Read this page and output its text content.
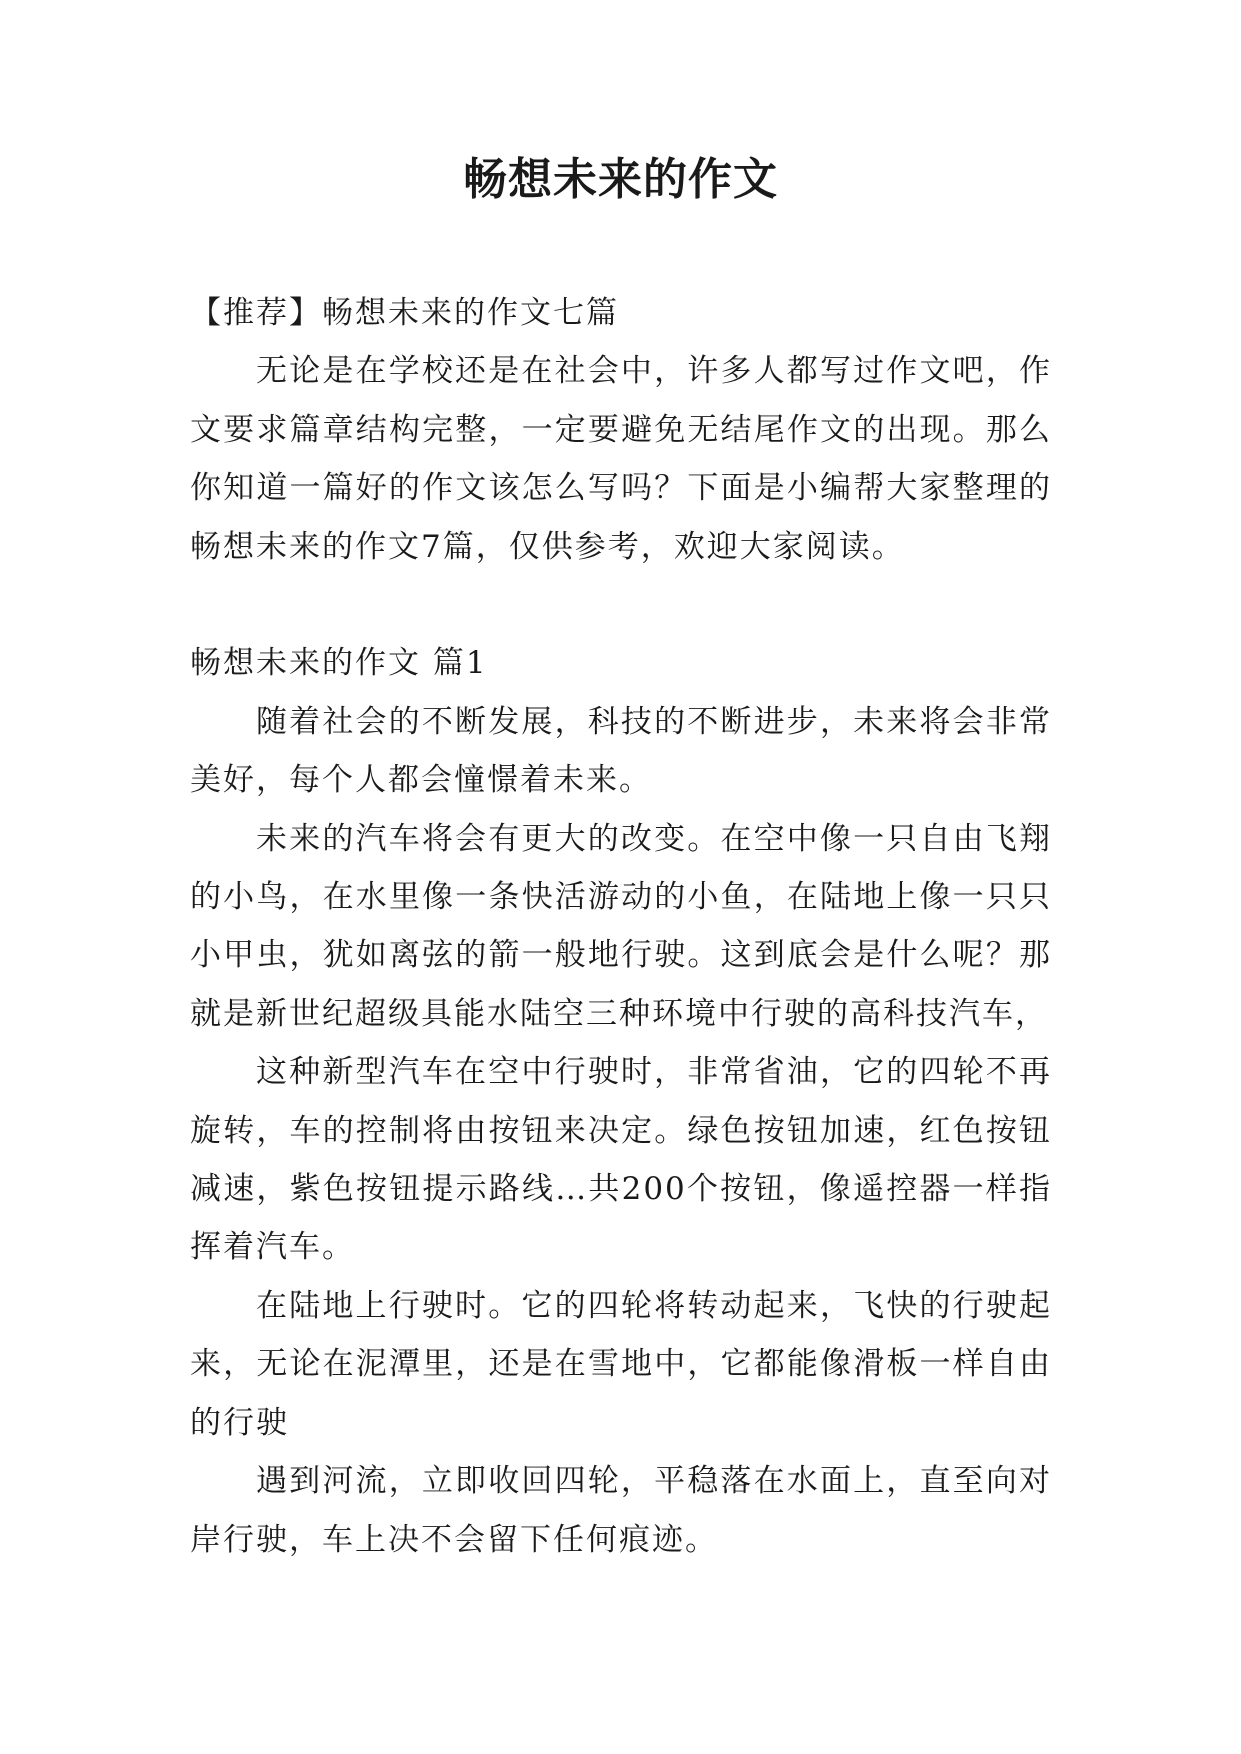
畅想未来的作文

【推荐】畅想未来的作文七篇

无论是在学校还是在社会中，许多人都写过作文吧，作文要求篇章结构完整，一定要避免无结尾作文的出现。那么你知道一篇好的作文该怎么写吗？下面是小编帮大家整理的畅想未来的作文7篇，仅供参考，欢迎大家阅读。

畅想未来的作文 篇1

随着社会的不断发展，科技的不断进步，未来将会非常美好，每个人都会憧憬着未来。

未来的汽车将会有更大的改变。在空中像一只自由飞翔的小鸟，在水里像一条快活游动的小鱼，在陆地上像一只只小甲虫，犹如离弦的箭一般地行驶。这到底会是什么呢？那就是新世纪超级具能水陆空三种环境中行驶的高科技汽车，

这种新型汽车在空中行驶时，非常省油，它的四轮不再旋转，车的控制将由按钮来决定。绿色按钮加速，红色按钮减速，紫色按钮提示路线…共200个按钮，像遥控器一样指挥着汽车。

在陆地上行驶时。它的四轮将转动起来，飞快的行驶起来，无论在泥潭里，还是在雪地中，它都能像滑板一样自由的行驶

遇到河流，立即收回四轮，平稳落在水面上，直至向对岸行驶，车上决不会留下任何痕迹。
